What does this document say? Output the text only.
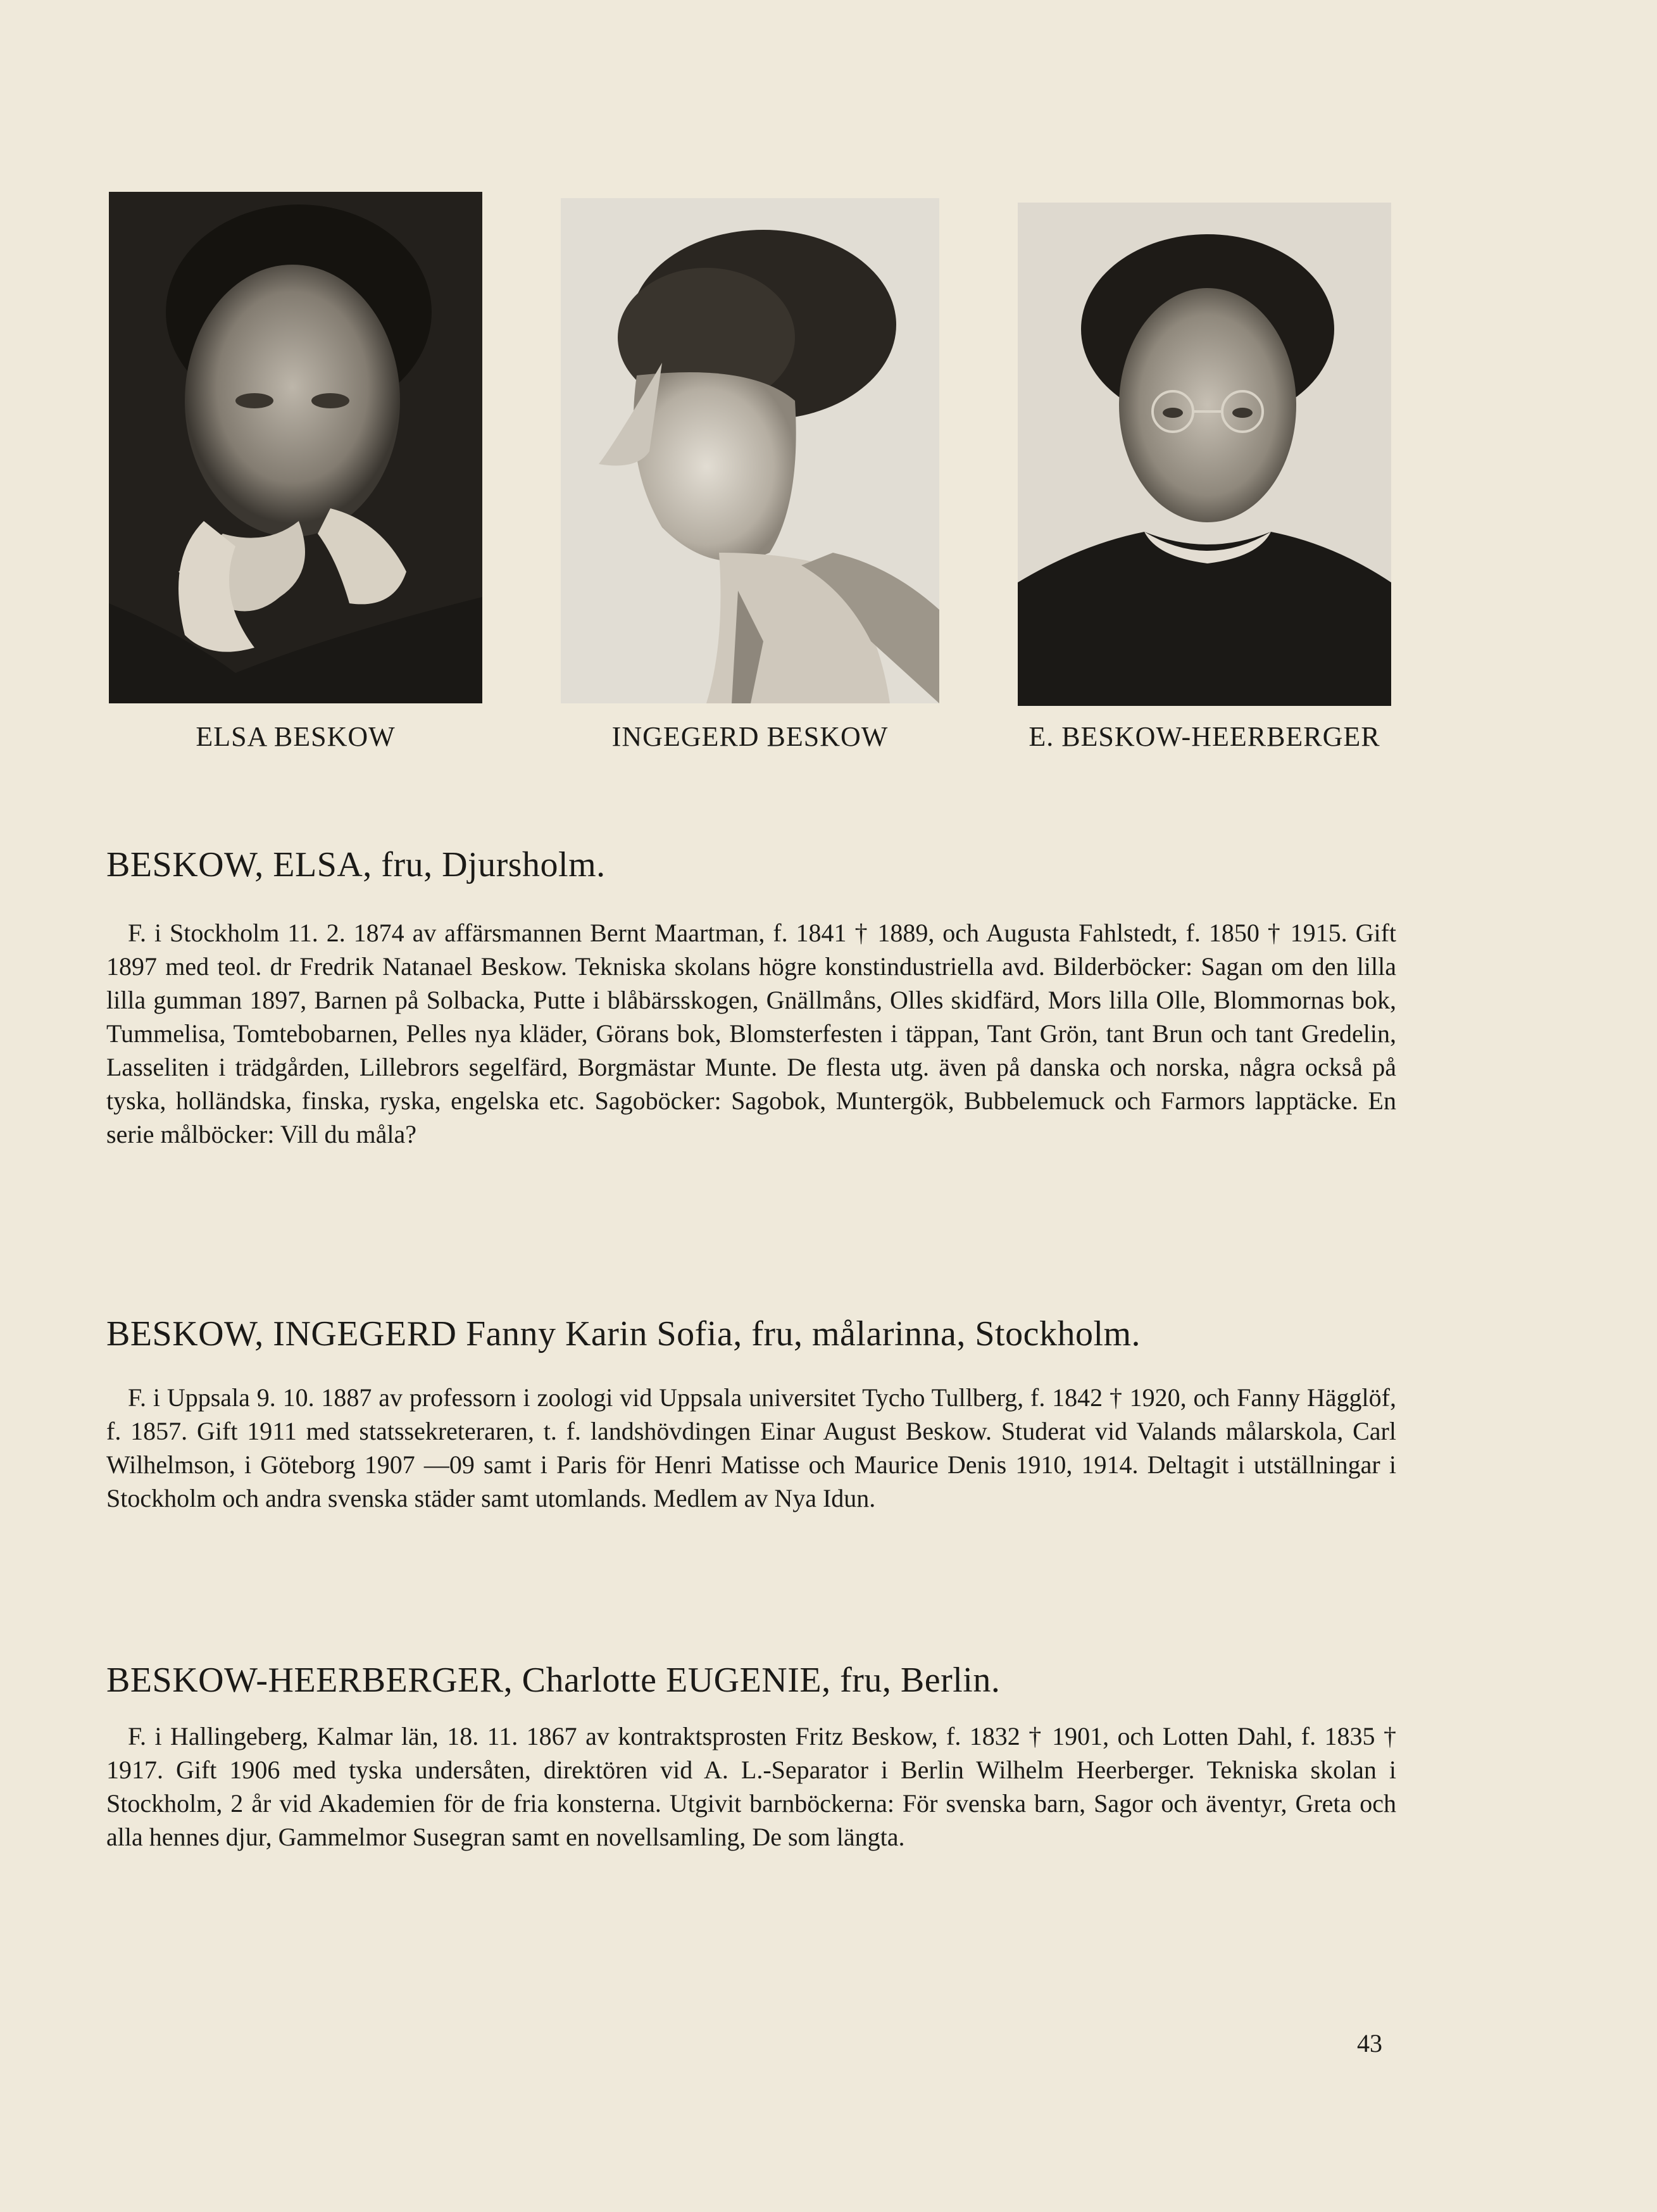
ELSA BESKOW	INGEGERD BESKOW	E. BESKOW-HEERBERGER
BESKOW, ELSA, fru, Djursholm.

F. i Stockholm 11. 2. 1874 av affärsmannen Bernt Maartman, f. 1841 † 1889, och Augusta Fahlstedt, f. 1850 † 1915. Gift 1897 med teol. dr Fredrik Natanael Beskow. Tekniska skolans högre konstindustriella avd. Bilderböcker: Sagan om den lilla lilla gumman 1897, Barnen på Solbacka, Putte i blåbärsskogen, Gnällmåns, Olles skidfärd, Mors lilla Olle, Blommornas bok, Tummelisa, Tomtebobarnen, Pelles nya kläder, Görans bok, Blomsterfesten i täppan, Tant Grön, tant Brun och tant Gredelin, Lasseliten i trädgården, Lillebrors segelfärd, Borgmästar Munte. De flesta utg. även på danska och norska, några också på tyska, holländska, finska, ryska, engelska etc. Sagoböcker: Sagobok, Muntergök, Bubbelemuck och Farmors lapptäcke. En serie målböcker: Vill du måla?

BESKOW, INGEGERD Fanny Karin Sofia, fru, målarinna, Stockholm.

F. i Uppsala 9. 10. 1887 av professorn i zoologi vid Uppsala universitet Tycho Tullberg, f. 1842 † 1920, och Fanny Hägglöf, f. 1857. Gift 1911 med statssekreteraren, t. f. landshövdingen Einar August Beskow. Studerat vid Valands målarskola, Carl Wilhelmson, i Göteborg 1907 —09 samt i Paris för Henri Matisse och Maurice Denis 1910, 1914. Deltagit i utställningar i Stockholm och andra svenska städer samt utomlands. Medlem av Nya Idun.

BESKOW-HEERBERGER, Charlotte EUGENIE, fru, Berlin.

F. i Hallingeberg, Kalmar län, 18. 11. 1867 av kontraktsprosten Fritz Beskow, f. 1832 † 1901, och Lotten Dahl, f. 1835 † 1917. Gift 1906 med tyska undersåten, direktören vid A. L.-Separator i Berlin Wilhelm Heerberger. Tekniska skolan i Stockholm, 2 år vid Akademien för de fria konsterna. Utgivit barnböckerna: För svenska barn, Sagor och äventyr, Greta och alla hennes djur, Gammelmor Susegran samt en novellsamling, De som längta.

43
